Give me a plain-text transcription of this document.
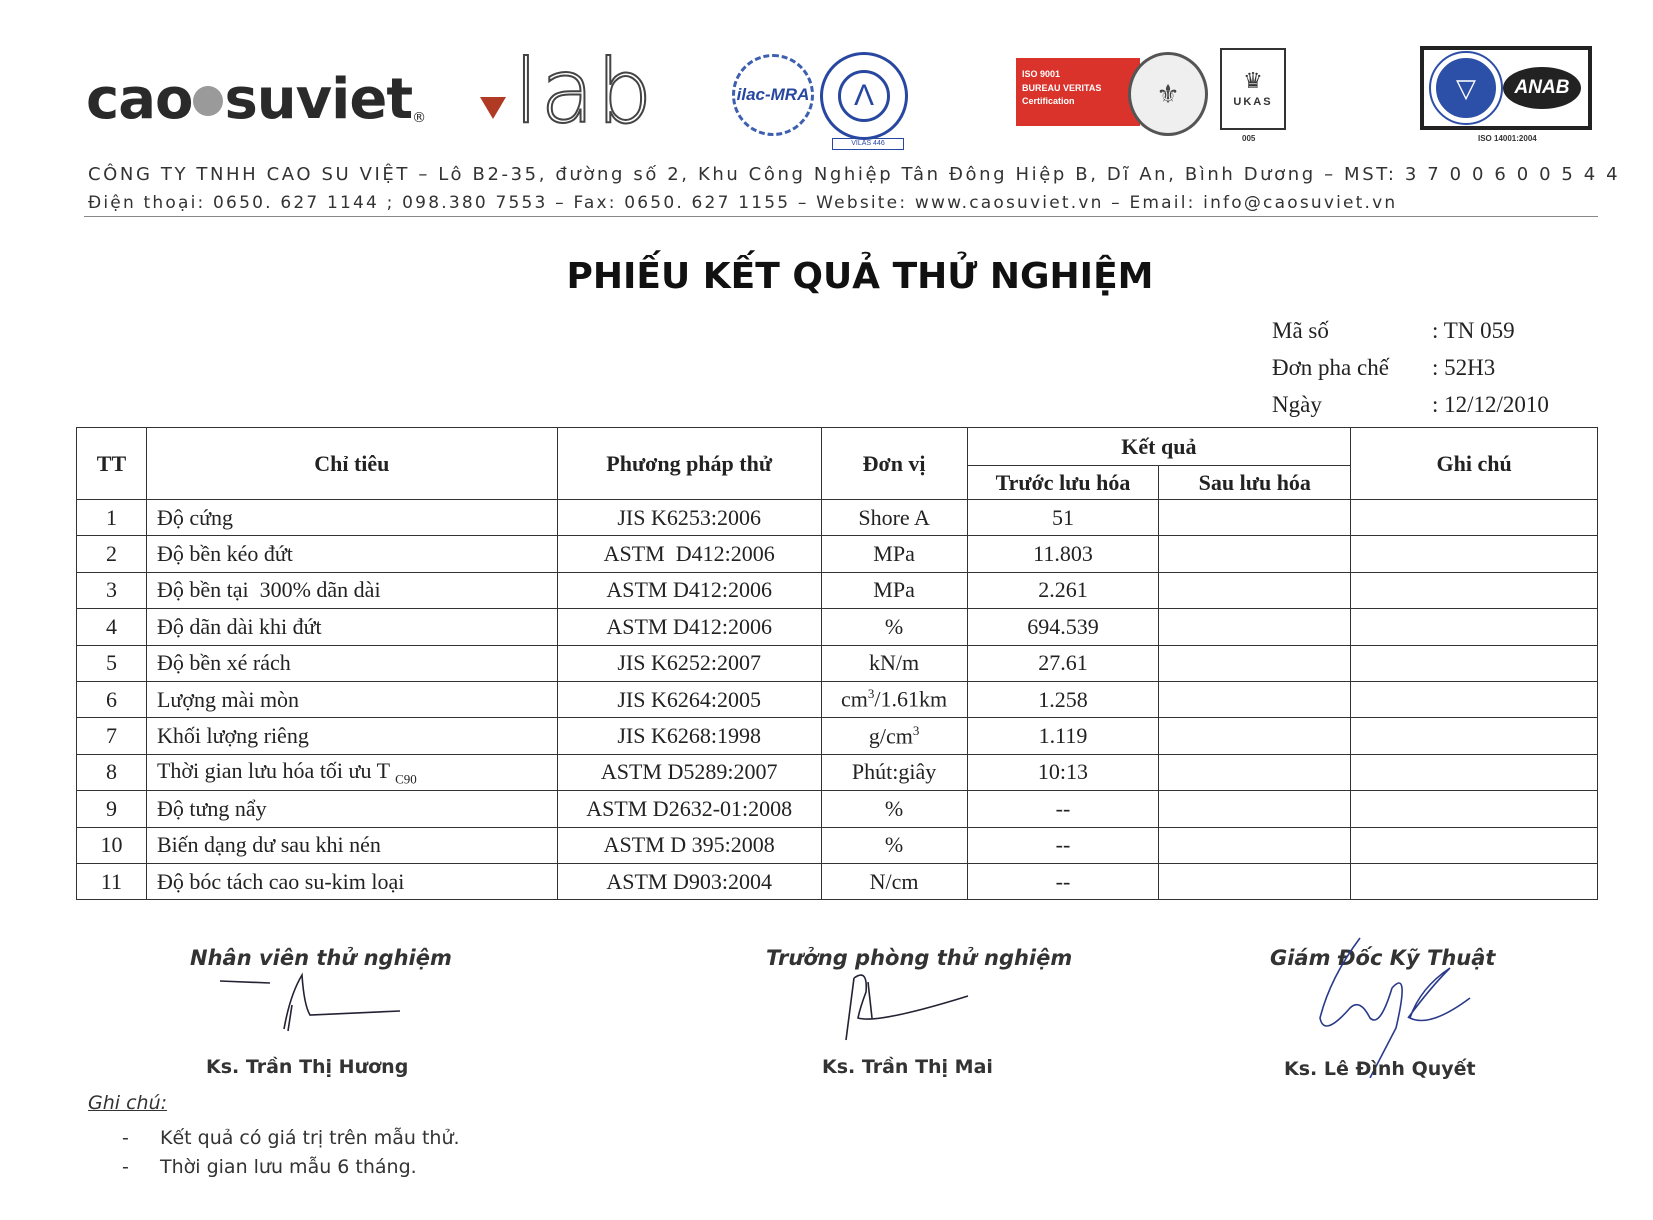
cao suviet® lab	ilac-MRA	Λ
VILAS 446
ISO 9001
BUREAU VERITAS
Certification	⚜	♛
UKAS
005
▽	ANAB
ISO 14001:2004
CÔNG TY TNHH CAO SU VIỆT – Lô B2-35, đường số 2, Khu Công Nghiệp Tân Đông Hiệp B, Dĩ An, Bình Dương – MST: 3 7 0 0 6 0 0 5 4 4
Điện thoại: 0650. 627 1144 ; 098.380 7553 – Fax: 0650. 627 1155 – Website: www.caosuviet.vn – Email: info@caosuviet.vn
PHIẾU KẾT QUẢ THỬ NGHIỆM
Mã số	: TN 059
Đơn pha chế	: 52H3
Ngày	: 12/12/2010
TT	Chỉ tiêu	Phương pháp thử	Đơn vị	Kết quả		Ghi chú
				Trước lưu hóa	Sau lưu hóa	
1	Độ cứng	JIS K6253:2006	Shore A	51		
2	Độ bền kéo đứt	ASTM  D412:2006	MPa	11.803		
3	Độ bền tại  300% dãn dài	ASTM D412:2006	MPa	2.261		
4	Độ dãn dài khi đứt	ASTM D412:2006	%	694.539		
5	Độ bền xé rách	JIS K6252:2007	kN/m	27.61		
6	Lượng mài mòn	JIS K6264:2005	$cm^3/1.61km$	1.258		
7	Khối lượng riêng	JIS K6268:1998	$g/cm^3$	1.119		
8	Thời gian lưu hóa tối ưu T $_{C90}$	ASTM D5289:2007	Phút:giây	10:13		
9	Độ tưng nẩy	ASTM D2632-01:2008	%	--		
10	Biến dạng dư sau khi nén	ASTM D 395:2008	%	--		
11	Độ bóc tách cao su-kim loại	ASTM D903:2004	N/cm	--		
Nhân viên thử nghiệm
Ks. Trần Thị Hương
Trưởng phòng thử nghiệm
Ks. Trần Thị Mai
Giám Đốc Kỹ Thuật
Ks. Lê Đình Quyết
Ghi chú:
-	Kết quả có giá trị trên mẫu thử.
-	Thời gian lưu mẫu 6 tháng.
